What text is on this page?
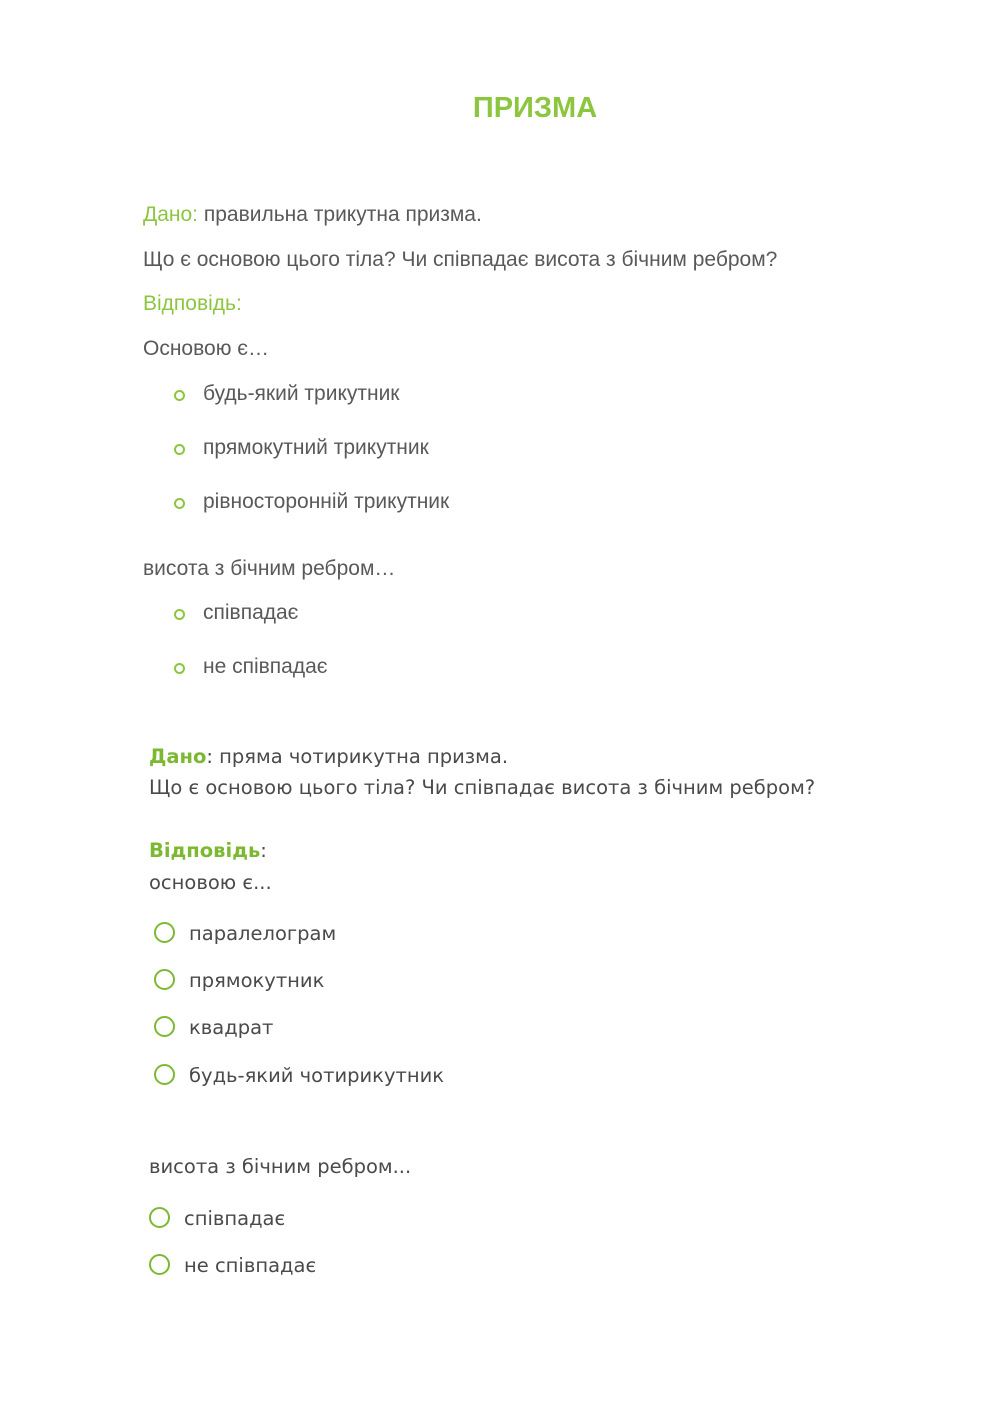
ПРИЗМА
Дано: правильна трикутна призма.
Що є основою цього тіла? Чи співпадає висота з бічним ребром?
Відповідь:
Основою є…
будь-який трикутник
прямокутний трикутник
рівносторонній трикутник
висота з бічним ребром…
співпадає
не співпадає
Дано: пряма чотирикутна призма.
Що є основою цього тіла? Чи співпадає висота з бічним ребром?
Відповідь:
основою є...
паралелограм
прямокутник
квадрат
будь-який чотирикутник
висота з бічним ребром...
співпадає
не співпадає
